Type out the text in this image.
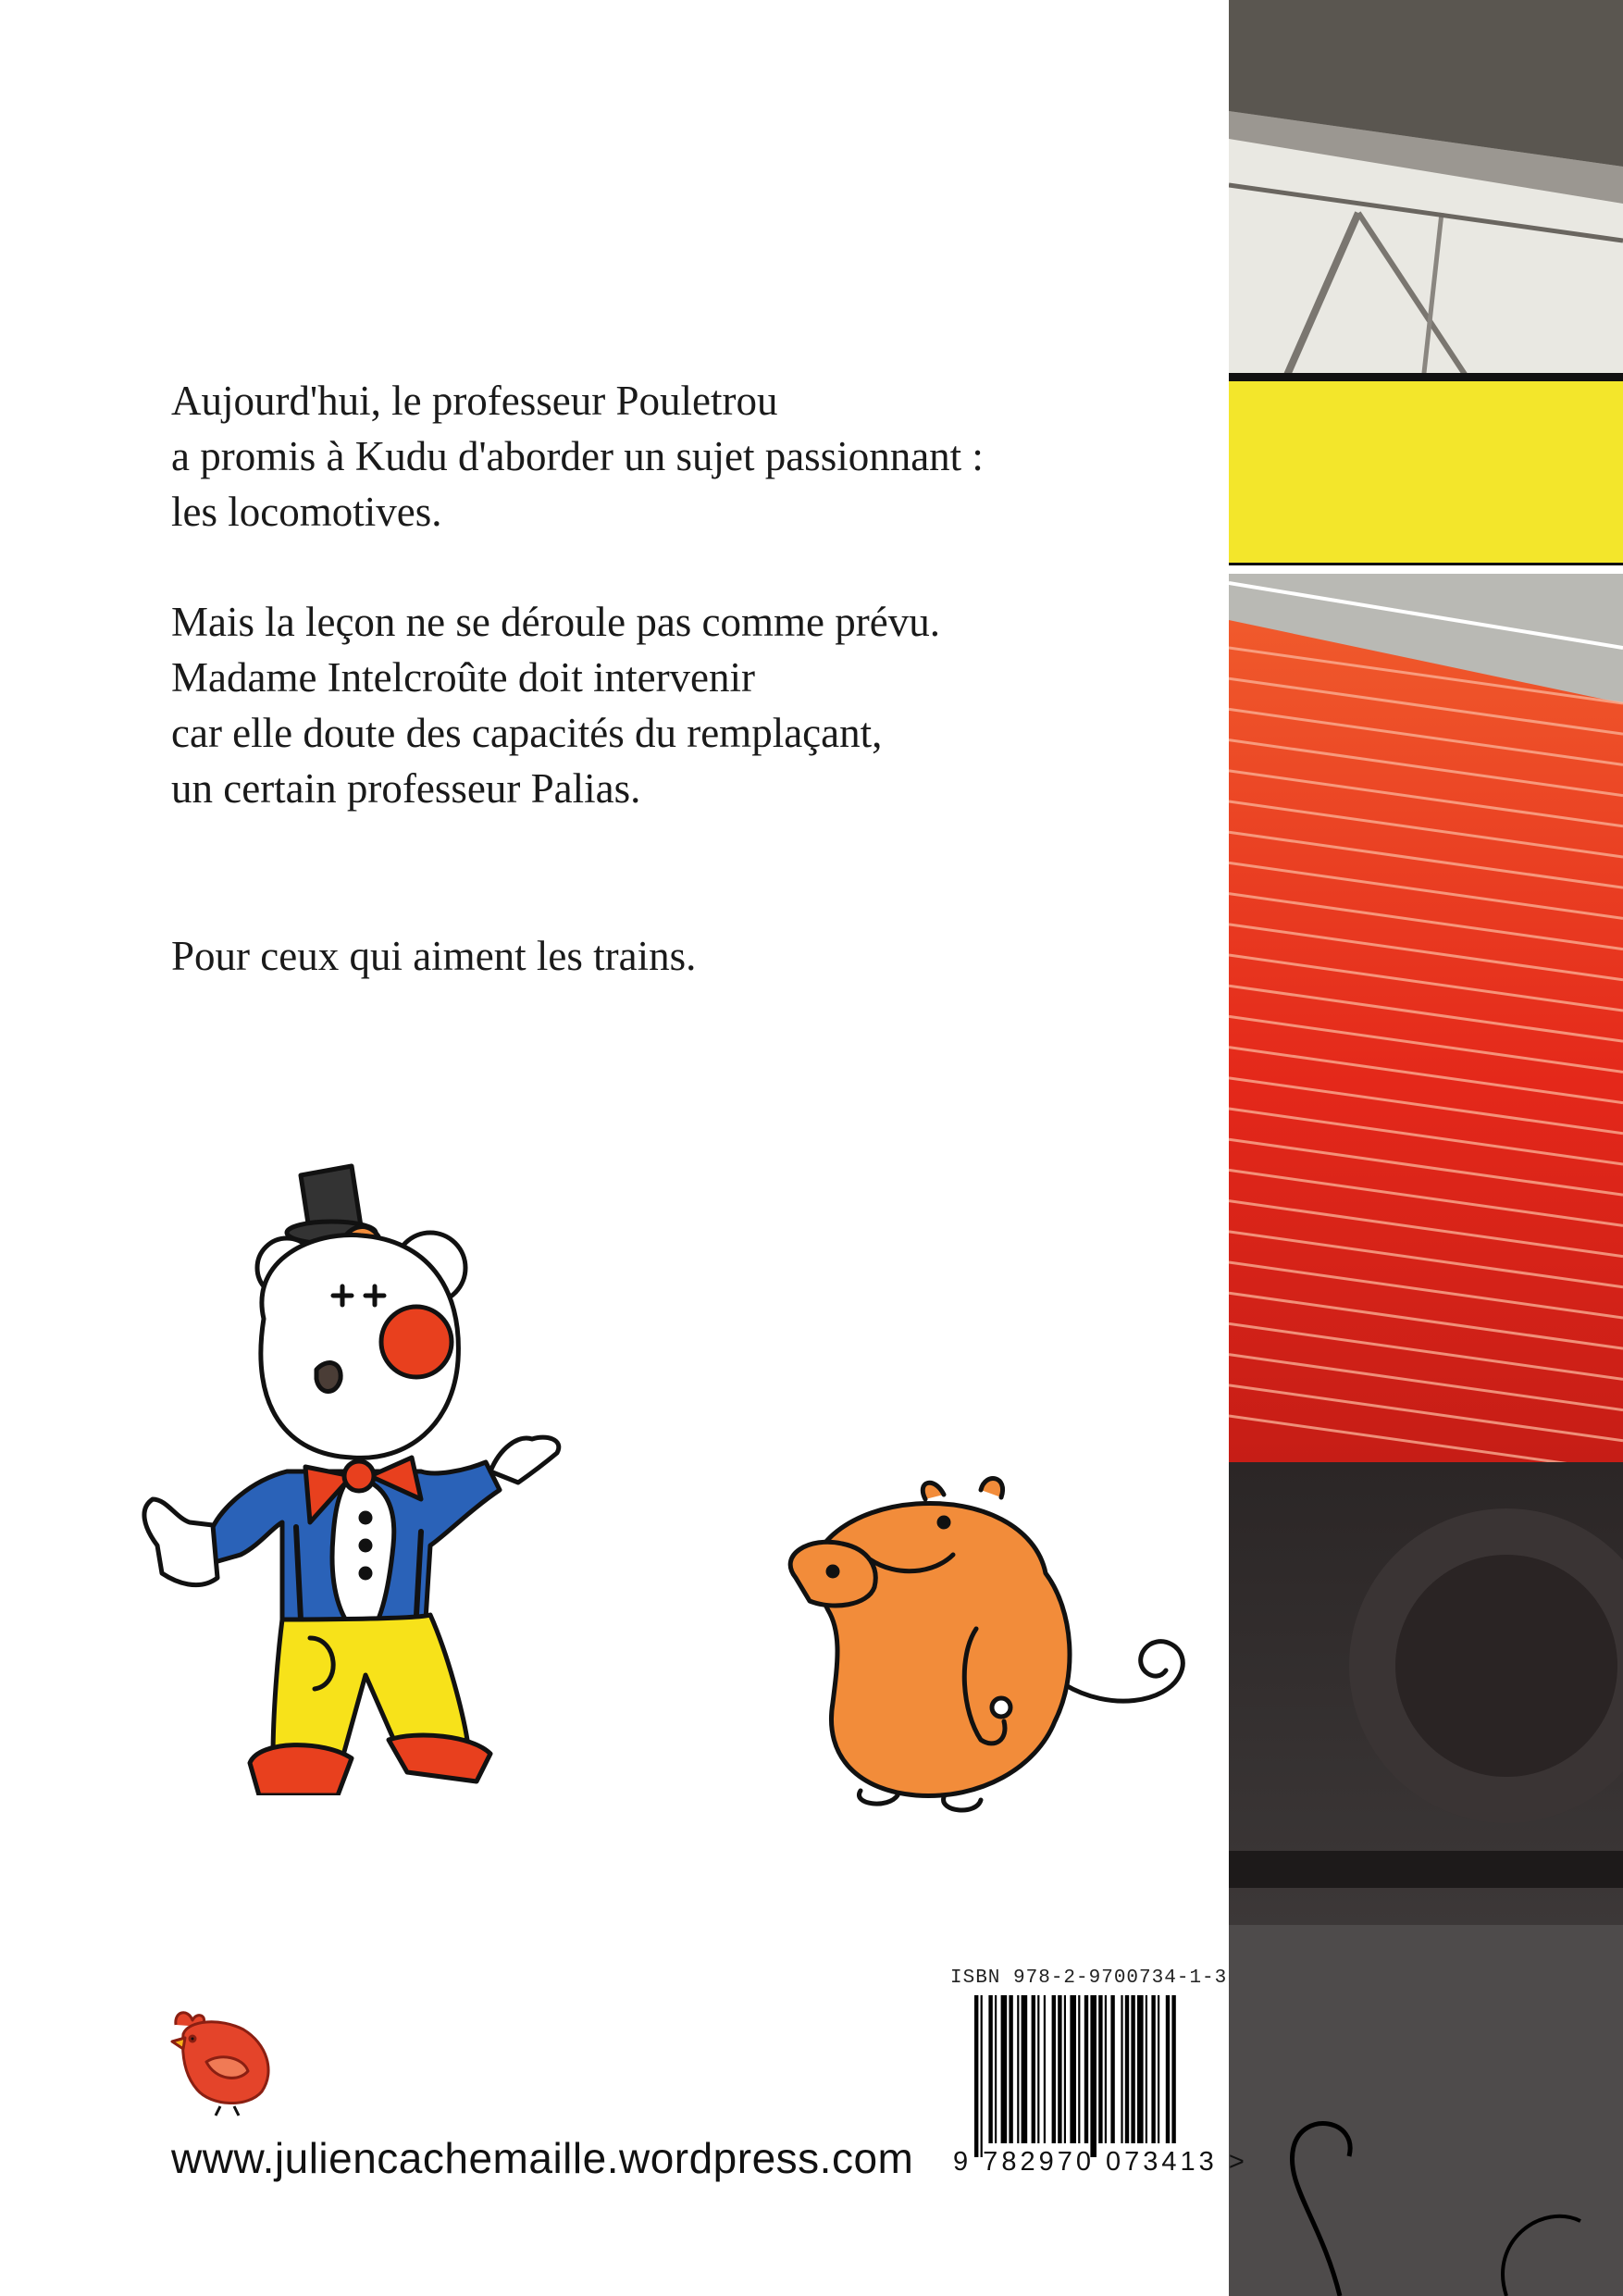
Aujourd'hui, le professeur Pouletrou

a promis à Kudu d'aborder un sujet passionnant :

les locomotives.

Mais la leçon ne se déroule pas comme prévu.

Madame Intelcroûte doit intervenir

car elle doute des capacités du remplaçant,

un certain professeur Palias.

Pour ceux qui aiment les trains.

www.juliencachemaille.wordpress.com
ISBN 978-2-9700734-1-3
9 782970 073413 >
